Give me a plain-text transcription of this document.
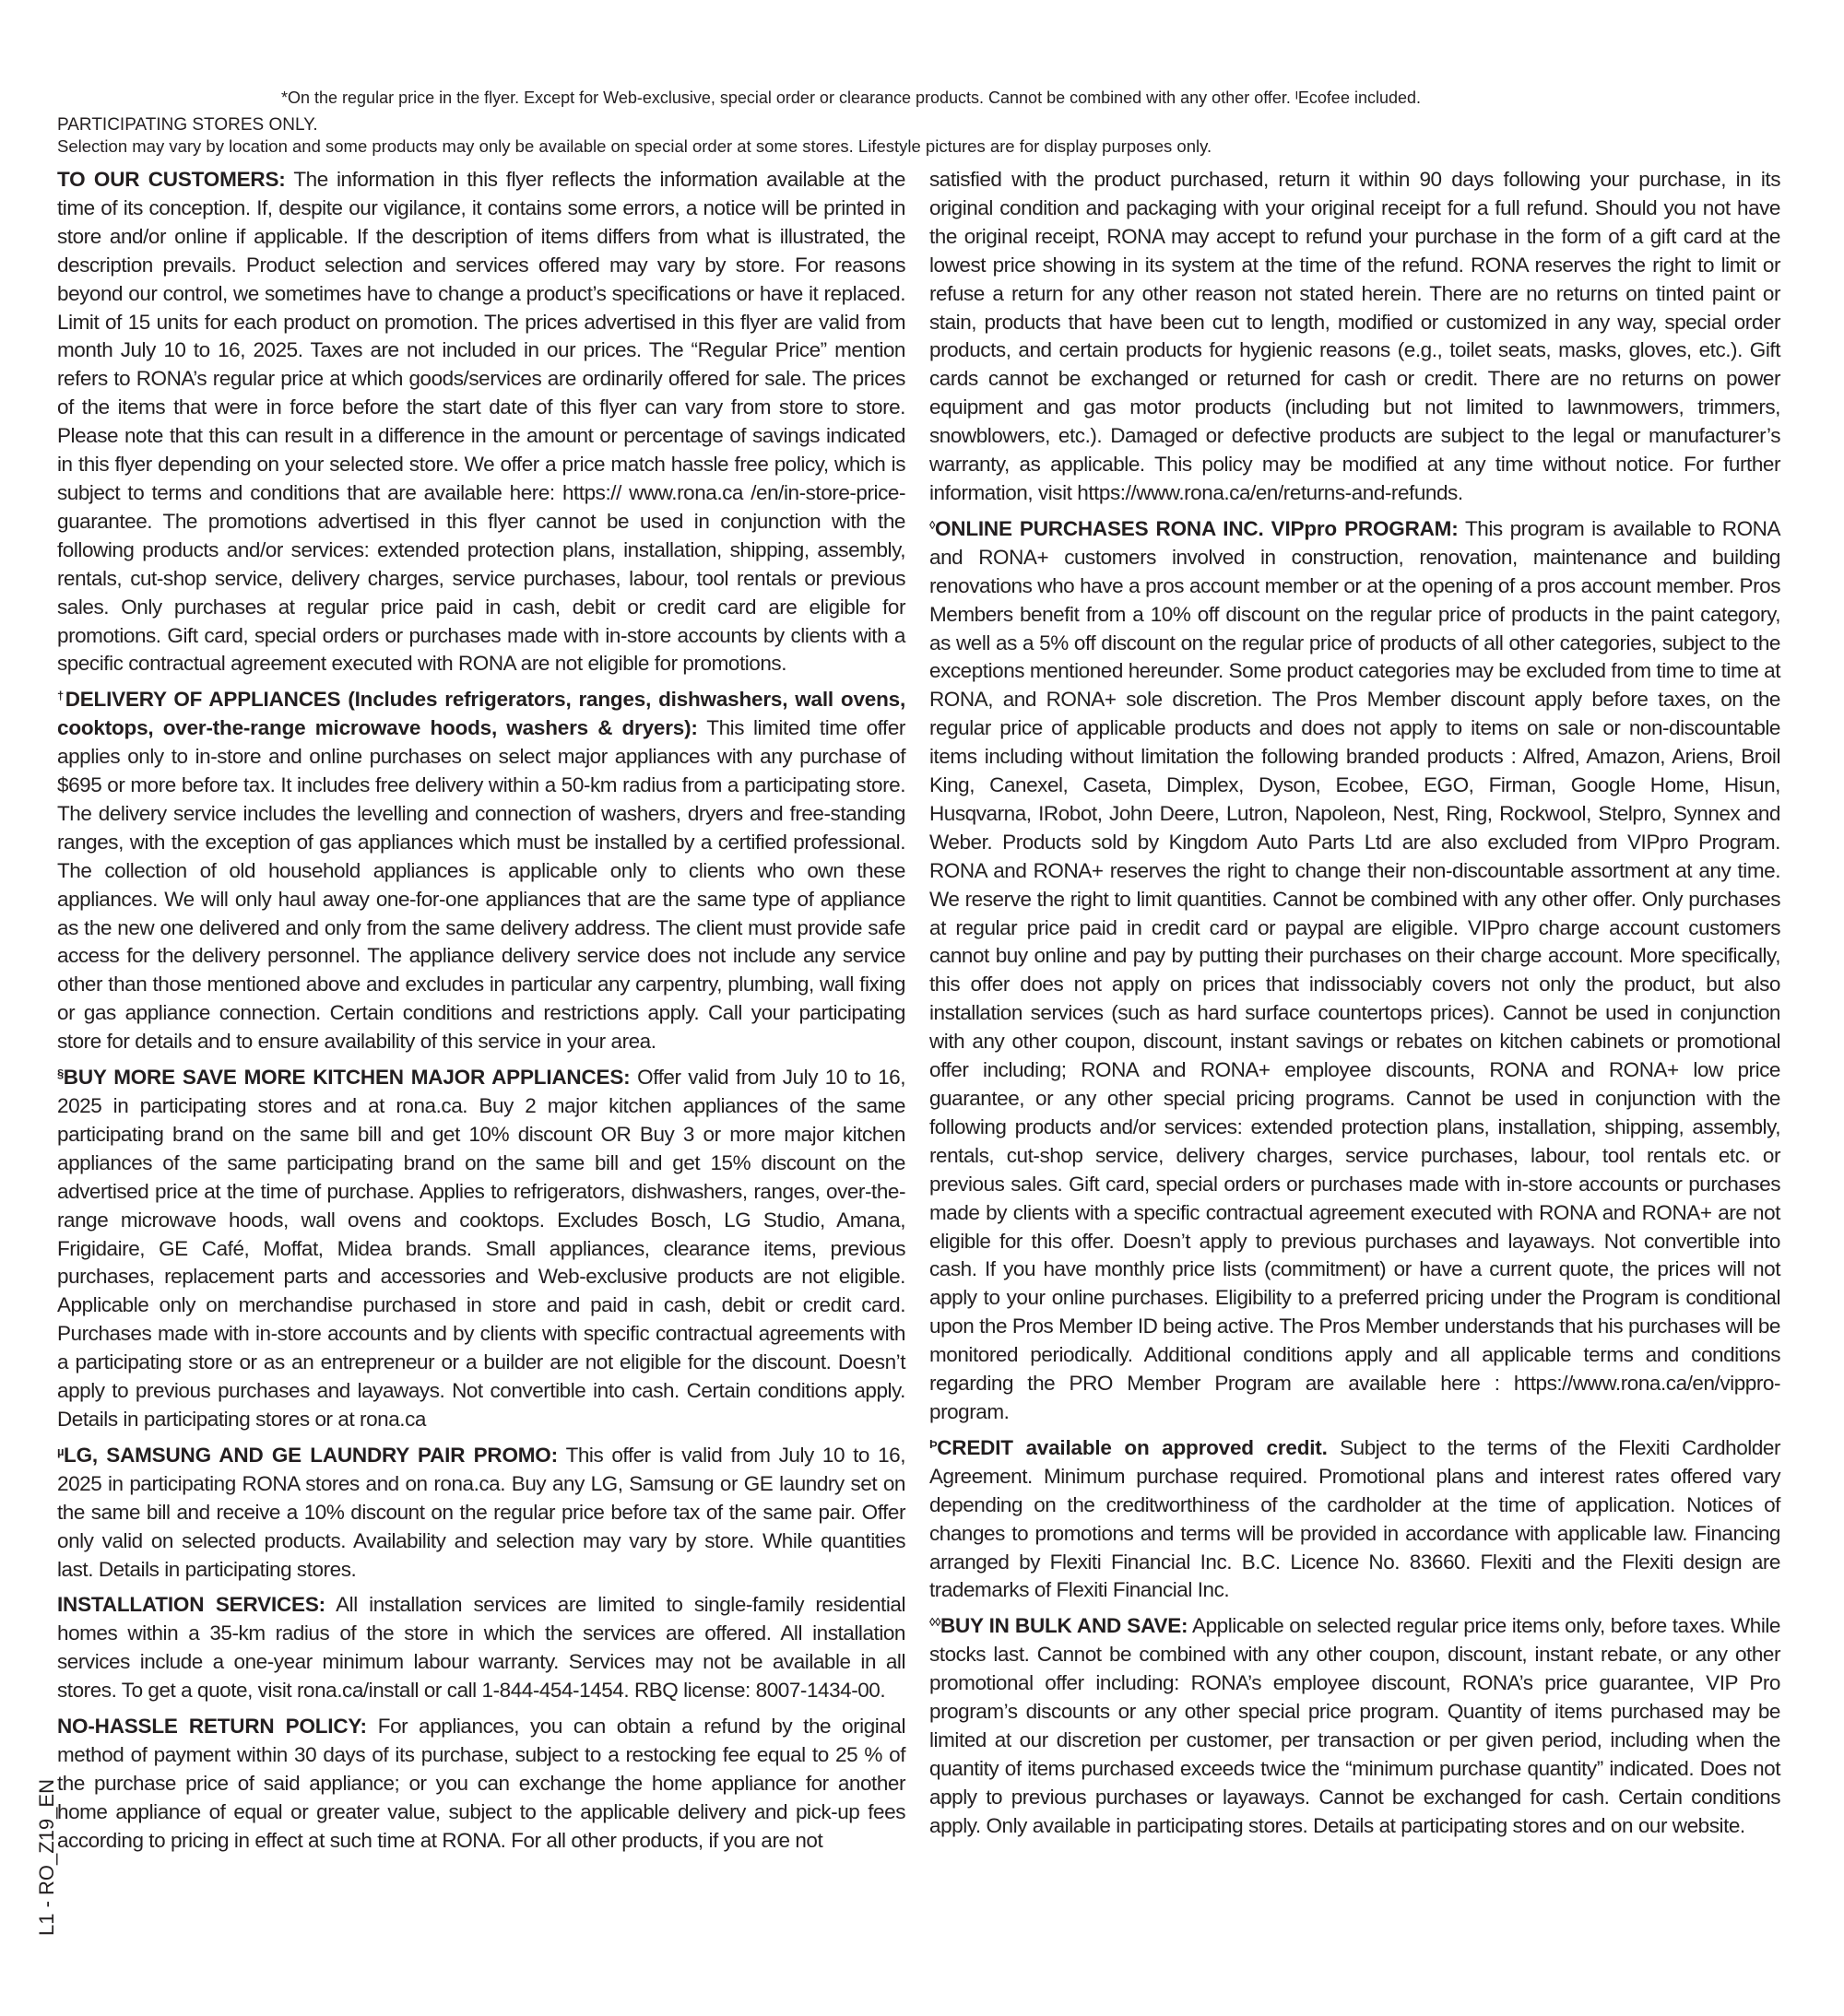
*On the regular price in the flyer. Except for Web-exclusive, special order or clearance products. Cannot be combined with any other offer. ᴵEcofee included.
PARTICIPATING STORES ONLY.
Selection may vary by location and some products may only be available on special order at some stores. Lifestyle pictures are for display purposes only.

TO OUR CUSTOMERS: The information in this flyer reflects the information available at the time of its conception. If, despite our vigilance, it contains some errors, a notice will be printed in store and/or online if applicable. If the description of items differs from what is illustrated, the description prevails. Product selection and services offered may vary by store. For reasons beyond our control, we sometimes have to change a product’s specifications or have it replaced. Limit of 15 units for each product on promotion. The prices advertised in this flyer are valid from month July 10 to 16, 2025. Taxes are not included in our prices. The “Regular Price” mention refers to RONA’s regular price at which goods/services are ordinarily offered for sale. The prices of the items that were in force before the start date of this flyer can vary from store to store. Please note that this can result in a difference in the amount or percentage of savings indicated in this flyer depending on your selected store. We offer a price match hassle free policy, which is subject to terms and conditions that are available here: https:// www.rona.ca /en/in-store-price-guarantee. The promotions advertised in this flyer cannot be used in conjunction with the following products and/or services: extended protection plans, installation, shipping, assembly, rentals, cut-shop service, delivery charges, service purchases, labour, tool rentals or previous sales. Only purchases at regular price paid in cash, debit or credit card are eligible for promotions. Gift card, special orders or purchases made with in-store accounts by clients with a specific contractual agreement executed with RONA are not eligible for promotions.

†DELIVERY OF APPLIANCES (Includes refrigerators, ranges, dishwashers, wall ovens, cooktops, over-the-range microwave hoods, washers & dryers): This limited time offer applies only to in-store and online purchases on select major appliances with any purchase of $695 or more before tax. It includes free delivery within a 50-km radius from a participating store. The delivery service includes the levelling and connection of washers, dryers and free-standing ranges, with the exception of gas appliances which must be installed by a certified professional. The collection of old household appliances is applicable only to clients who own these appliances. We will only haul away one-for-one appliances that are the same type of appliance as the new one delivered and only from the same delivery address. The client must provide safe access for the delivery personnel. The appliance delivery service does not include any service other than those mentioned above and excludes in particular any carpentry, plumbing, wall fixing or gas appliance connection. Certain conditions and restrictions apply. Call your participating store for details and to ensure availability of this service in your area.

§BUY MORE SAVE MORE KITCHEN MAJOR APPLIANCES: Offer valid from July 10 to 16, 2025 in participating stores and at rona.ca. Buy 2 major kitchen appliances of the same participating brand on the same bill and get 10% discount OR Buy 3 or more major kitchen appliances of the same participating brand on the same bill and get 15% discount on the advertised price at the time of purchase. Applies to refrigerators, dishwashers, ranges, over-the-range microwave hoods, wall ovens and cooktops. Excludes Bosch, LG Studio, Amana, Frigidaire, GE Café, Moffat, Midea brands. Small appliances, clearance items, previous purchases, replacement parts and accessories and Web-exclusive products are not eligible. Applicable only on merchandise purchased in store and paid in cash, debit or credit card. Purchases made with in-store accounts and by clients with specific contractual agreements with a participating store or as an entrepreneur or a builder are not eligible for the discount. Doesn’t apply to previous purchases and layaways. Not convertible into cash. Certain conditions apply. Details in participating stores or at rona.ca

$^\mu$LG, SAMSUNG AND GE LAUNDRY PAIR PROMO: This offer is valid from July 10 to 16, 2025 in participating RONA stores and on rona.ca. Buy any LG, Samsung or GE laundry set on the same bill and receive a 10% discount on the regular price before tax of the same pair. Offer only valid on selected products. Availability and selection may vary by store. While quantities last. Details in participating stores.

INSTALLATION SERVICES: All installation services are limited to single-family residential homes within a 35-km radius of the store in which the services are offered. All installation services include a one-year minimum labour warranty. Services may not be available in all stores. To get a quote, visit rona.ca/install or call 1-844-454-1454. RBQ license: 8007-1434-00.

NO-HASSLE RETURN POLICY: For appliances, you can obtain a refund by the original method of payment within 30 days of its purchase, subject to a restocking fee equal to 25 % of the purchase price of said appliance; or you can exchange the home appliance for another home appliance of equal or greater value, subject to the applicable delivery and pick-up fees according to pricing in effect at such time at RONA. For all other products, if you are not

satisfied with the product purchased, return it within 90 days following your purchase, in its original condition and packaging with your original receipt for a full refund. Should you not have the original receipt, RONA may accept to refund your purchase in the form of a gift card at the lowest price showing in its system at the time of the refund. RONA reserves the right to limit or refuse a return for any other reason not stated herein. There are no returns on tinted paint or stain, products that have been cut to length, modified or customized in any way, special order products, and certain products for hygienic reasons (e.g., toilet seats, masks, gloves, etc.). Gift cards cannot be exchanged or returned for cash or credit. There are no returns on power equipment and gas motor products (including but not limited to lawnmowers, trimmers, snowblowers, etc.). Damaged or defective products are subject to the legal or manufacturer’s warranty, as applicable. This policy may be modified at any time without notice. For further information, visit https://www.rona.ca/en/returns-and-refunds.

◊ONLINE PURCHASES RONA INC. VIPpro PROGRAM: This program is available to RONA and RONA+ customers involved in construction, renovation, maintenance and building renovations who have a pros account member or at the opening of a pros account member. Pros Members benefit from a 10% off discount on the regular price of products in the paint category, as well as a 5% off discount on the regular price of products of all other categories, subject to the exceptions mentioned hereunder. Some product categories may be excluded from time to time at RONA, and RONA+ sole discretion. The Pros Member discount apply before taxes, on the regular price of applicable products and does not apply to items on sale or non-discountable items including without limitation the following branded products : Alfred, Amazon, Ariens, Broil King, Canexel, Caseta, Dimplex, Dyson, Ecobee, EGO, Firman, Google Home, Hisun, Husqvarna, IRobot, John Deere, Lutron, Napoleon, Nest, Ring, Rockwool, Stelpro, Synnex and Weber. Products sold by Kingdom Auto Parts Ltd are also excluded from VIPpro Program. RONA and RONA+ reserves the right to change their non-discountable assortment at any time. We reserve the right to limit quantities. Cannot be combined with any other offer. Only purchases at regular price paid in credit card or paypal are eligible. VIPpro charge account customers cannot buy online and pay by putting their purchases on their charge account. More specifically, this offer does not apply on prices that indissociably covers not only the product, but also installation services (such as hard surface countertops prices). Cannot be used in conjunction with any other coupon, discount, instant savings or rebates on kitchen cabinets or promotional offer including; RONA and RONA+ employee discounts, RONA and RONA+ low price guarantee, or any other special pricing programs. Cannot be used in conjunction with the following products and/or services: extended protection plans, installation, shipping, assembly, rentals, cut-shop service, delivery charges, service purchases, labour, tool rentals etc. or previous sales. Gift card, special orders or purchases made with in-store accounts or purchases made by clients with a specific contractual agreement executed with RONA and RONA+ are not eligible for this offer. Doesn’t apply to previous purchases and layaways. Not convertible into cash. If you have monthly price lists (commitment) or have a current quote, the prices will not apply to your online purchases. Eligibility to a preferred pricing under the Program is conditional upon the Pros Member ID being active. The Pros Member understands that his purchases will be monitored periodically. Additional conditions apply and all applicable terms and conditions regarding the PRO Member Program are available here : https://www.rona.ca/en/vippro-program.

$^Þ$CREDIT available on approved credit. Subject to the terms of the Flexiti Cardholder Agreement. Minimum purchase required. Promotional plans and interest rates offered vary depending on the creditworthiness of the cardholder at the time of application. Notices of changes to promotions and terms will be provided in accordance with applicable law. Financing arranged by Flexiti Financial Inc. B.C. Licence No. 83660. Flexiti and the Flexiti design are trademarks of Flexiti Financial Inc.

◊◊BUY IN BULK AND SAVE: Applicable on selected regular price items only, before taxes. While stocks last. Cannot be combined with any other coupon, discount, instant rebate, or any other promotional offer including: RONA’s employee discount, RONA’s price guarantee, VIP Pro program’s discounts or any other special price program. Quantity of items purchased may be limited at our discretion per customer, per transaction or per given period, including when the quantity of items purchased exceeds twice the “minimum purchase quantity” indicated. Does not apply to previous purchases or layaways. Cannot be exchanged for cash. Certain conditions apply. Only available in participating stores. Details at participating stores and on our website.

L1 - RO_Z19_EN
